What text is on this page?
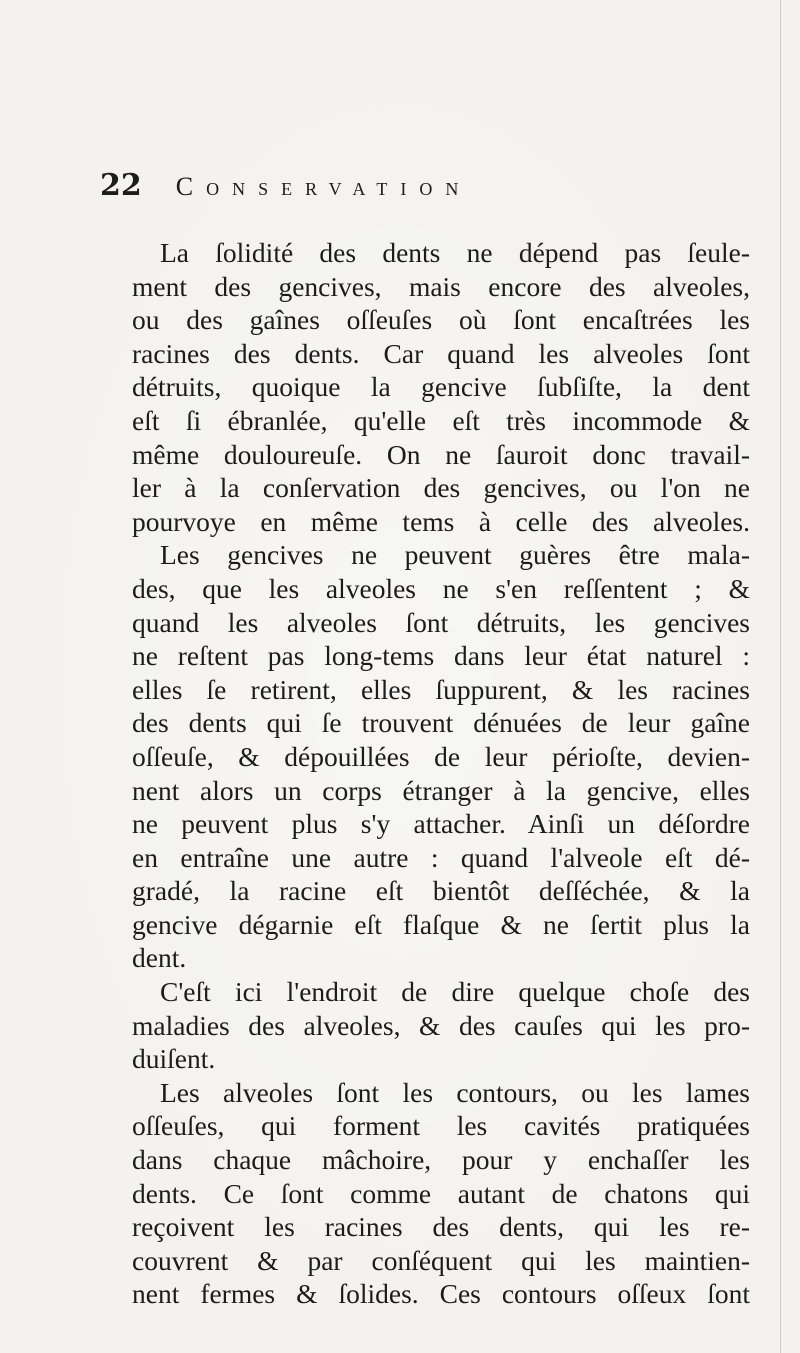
22 Conservation
La ſolidité des dents ne dépend pas ſeule-
ment des gencives, mais encore des alveoles,
ou des gaînes oſſeuſes où ſont encaſtrées les
racines des dents. Car quand les alveoles ſont
détruits, quoique la gencive ſubſiſte, la dent
eſt ſi ébranlée, qu'elle eſt très incommode &
même douloureuſe. On ne ſauroit donc travail-
ler à la conſervation des gencives, ou l'on ne
pourvoye en même tems à celle des alveoles.
Les gencives ne peuvent guères être mala-
des, que les alveoles ne s'en reſſentent ; &
quand les alveoles ſont détruits, les gencives
ne reſtent pas long-tems dans leur état naturel :
elles ſe retirent, elles ſuppurent, & les racines
des dents qui ſe trouvent dénuées de leur gaîne
oſſeuſe, & dépouillées de leur périoſte, devien-
nent alors un corps étranger à la gencive, elles
ne peuvent plus s'y attacher. Ainſi un déſordre
en entraîne une autre : quand l'alveole eſt dé-
gradé, la racine eſt bientôt deſſéchée, & la
gencive dégarnie eſt flaſque & ne ſertit plus la
dent.
C'eſt ici l'endroit de dire quelque choſe des
maladies des alveoles, & des cauſes qui les pro-
duiſent.
Les alveoles ſont les contours, ou les lames
oſſeuſes, qui forment les cavités pratiquées
dans chaque mâchoire, pour y enchaſſer les
dents. Ce ſont comme autant de chatons qui
reçoivent les racines des dents, qui les re-
couvrent & par conſéquent qui les maintien-
nent fermes & ſolides. Ces contours oſſeux ſont
